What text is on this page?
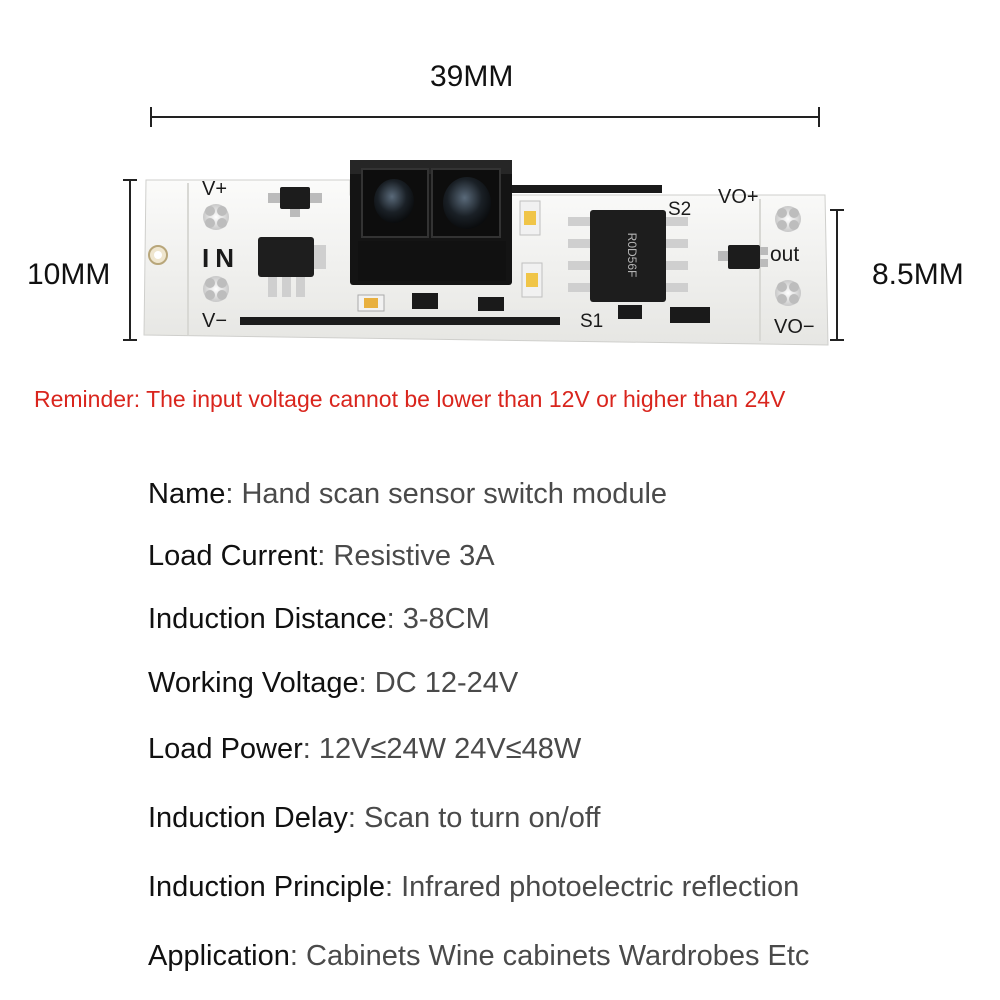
39MM
10MM	8.5MM
V+
IN
V−
R0D56F
S2
S1
VO+
out
VO−
Reminder: The input voltage cannot be lower than 12V or higher than 24V
Name: Hand scan sensor switch module
Load Current: Resistive 3A
Induction Distance: 3-8CM
Working Voltage: DC 12-24V
Load Power: 12V≤24W 24V≤48W
Induction Delay: Scan to turn on/off
Induction Principle: Infrared photoelectric reflection
Application: Cabinets Wine cabinets Wardrobes Etc
